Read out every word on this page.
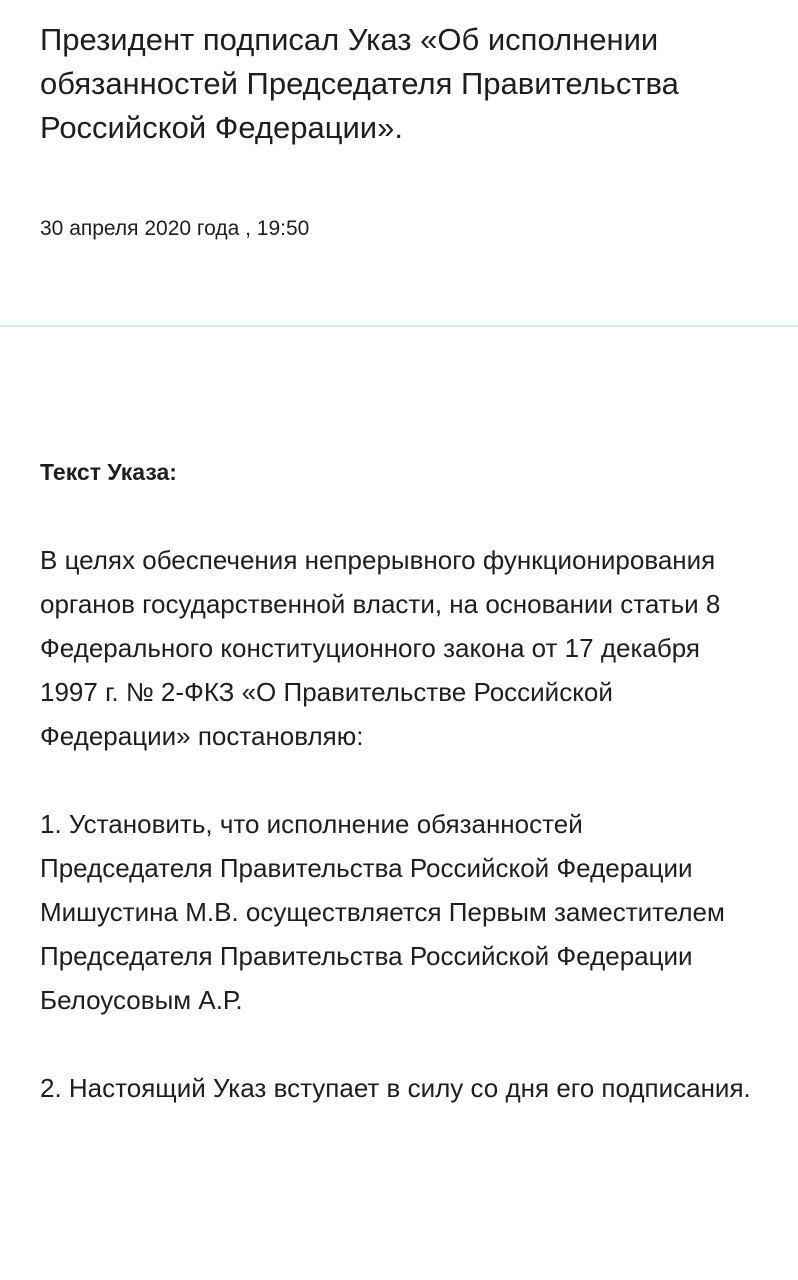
Президент подписал Указ «Об исполнении обязанностей Председателя Правительства Российской Федерации».
30 апреля 2020 года , 19:50
Текст Указа:

В целях обеспечения непрерывного функционирования органов государственной власти, на основании статьи 8 Федерального конституционного закона от 17 декабря 1997 г. № 2-ФКЗ «О Правительстве Российской Федерации» постановляю:

1. Установить, что исполнение обязанностей Председателя Правительства Российской Федерации Мишустина М.В. осуществляется Первым заместителем Председателя Правительства Российской Федерации Белоусовым А.Р.

2. Настоящий Указ вступает в силу со дня его подписания.
